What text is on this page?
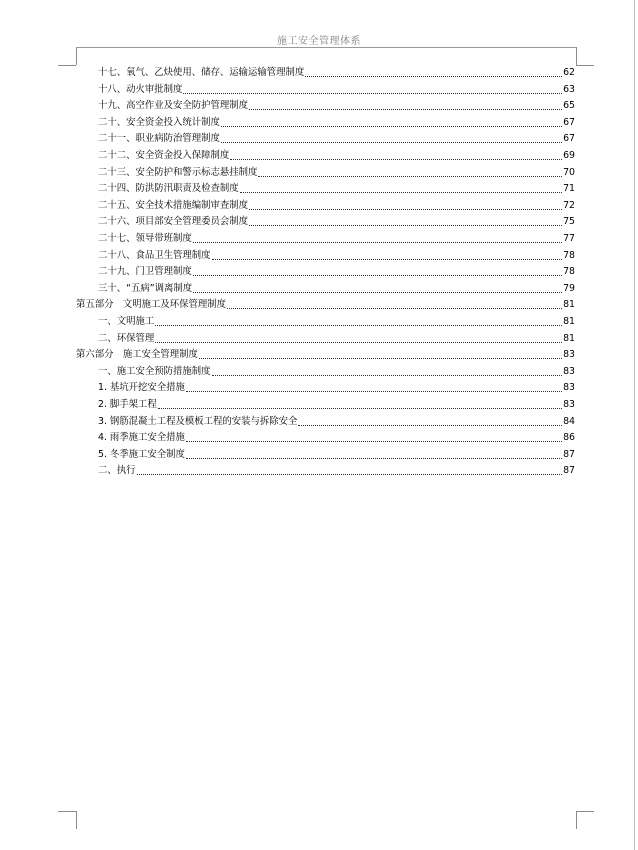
施工安全管理体系
十七、氧气、乙炔使用、储存、运输运输管理制度	62
十八、动火审批制度	63
十九、高空作业及安全防护管理制度	65
二十、安全资金投入统计制度	67
二十一、职业病防治管理制度	67
二十二、安全资金投入保障制度	69
二十三、安全防护和警示标志悬挂制度	70
二十四、防洪防汛职责及检查制度	71
二十五、安全技术措施编制审查制度	72
二十六、项目部安全管理委员会制度	75
二十七、领导带班制度	77
二十八、食品卫生管理制度	78
二十九、门卫管理制度	78
三十、“五病”调离制度	79
第五部分　文明施工及环保管理制度	81
一、文明施工	81
二、环保管理	81
第六部分　施工安全管理制度	83
一、施工安全预防措施制度	83
1. 基坑开挖安全措施	83
2. 脚手架工程	83
3. 钢筋混凝土工程及模板工程的安装与拆除安全	84
4. 雨季施工安全措施	86
5. 冬季施工安全制度	87
二、执行	87
